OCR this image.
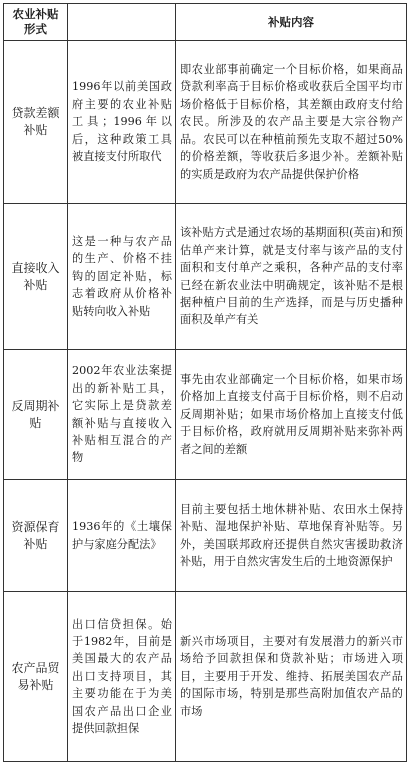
农业补贴
形式		补贴内容
贷款差额补贴	1996年以前美国政府主要的农业补贴工具；1996年以后，这种政策工具被直接支付所取代	即农业部事前确定一个目标价格，如果商品贷款利率高于目标价格或收获后全国平均市场价格低于目标价格，其差额由政府支付给农民。所涉及的农产品主要是大宗谷物产品。农民可以在种植前预先支取不超过50%的价格差额，等收获后多退少补。差额补贴的实质是政府为农产品提供保护价格
直接收入补贴	这是一种与农产品的生产、价格不挂钩的固定补贴，标志着政府从价格补贴转向收入补贴	该补贴方式是通过农场的基期面积(英亩)和预估单产来计算，就是支付率与该产品的支付面积和支付单产之乘积，各种产品的支付率已经在新农业法中明确规定，该补贴不是根据种植户目前的生产选择，而是与历史播种面积及单产有关
反周期补贴	2002年农业法案提出的新补贴工具，它实际上是贷款差额补贴与直接收入补贴相互混合的产物	事先由农业部确定一个目标价格，如果市场价格加上直接支付高于目标价格，则不启动反周期补贴；如果市场价格加上直接支付低于目标价格，政府就用反周期补贴来弥补两者之间的差额
资源保育补贴	1936年的《土壤保护与家庭分配法》	目前主要包括土地休耕补贴、农田水土保持补贴、湿地保护补贴、草地保育补贴等。另外，美国联邦政府还提供自然灾害援助救济补贴，用于自然灾害发生后的土地资源保护
农产品贸易补贴	出口信贷担保。始于1982年，目前是美国最大的农产品出口支持项目，其主要功能在于为美国农产品出口企业提供回款担保	新兴市场项目，主要对有发展潜力的新兴市场给予回款担保和贷款补贴；市场进入项目，主要用于开发、维持、拓展美国农产品的国际市场，特别是那些高附加值农产品的市场
